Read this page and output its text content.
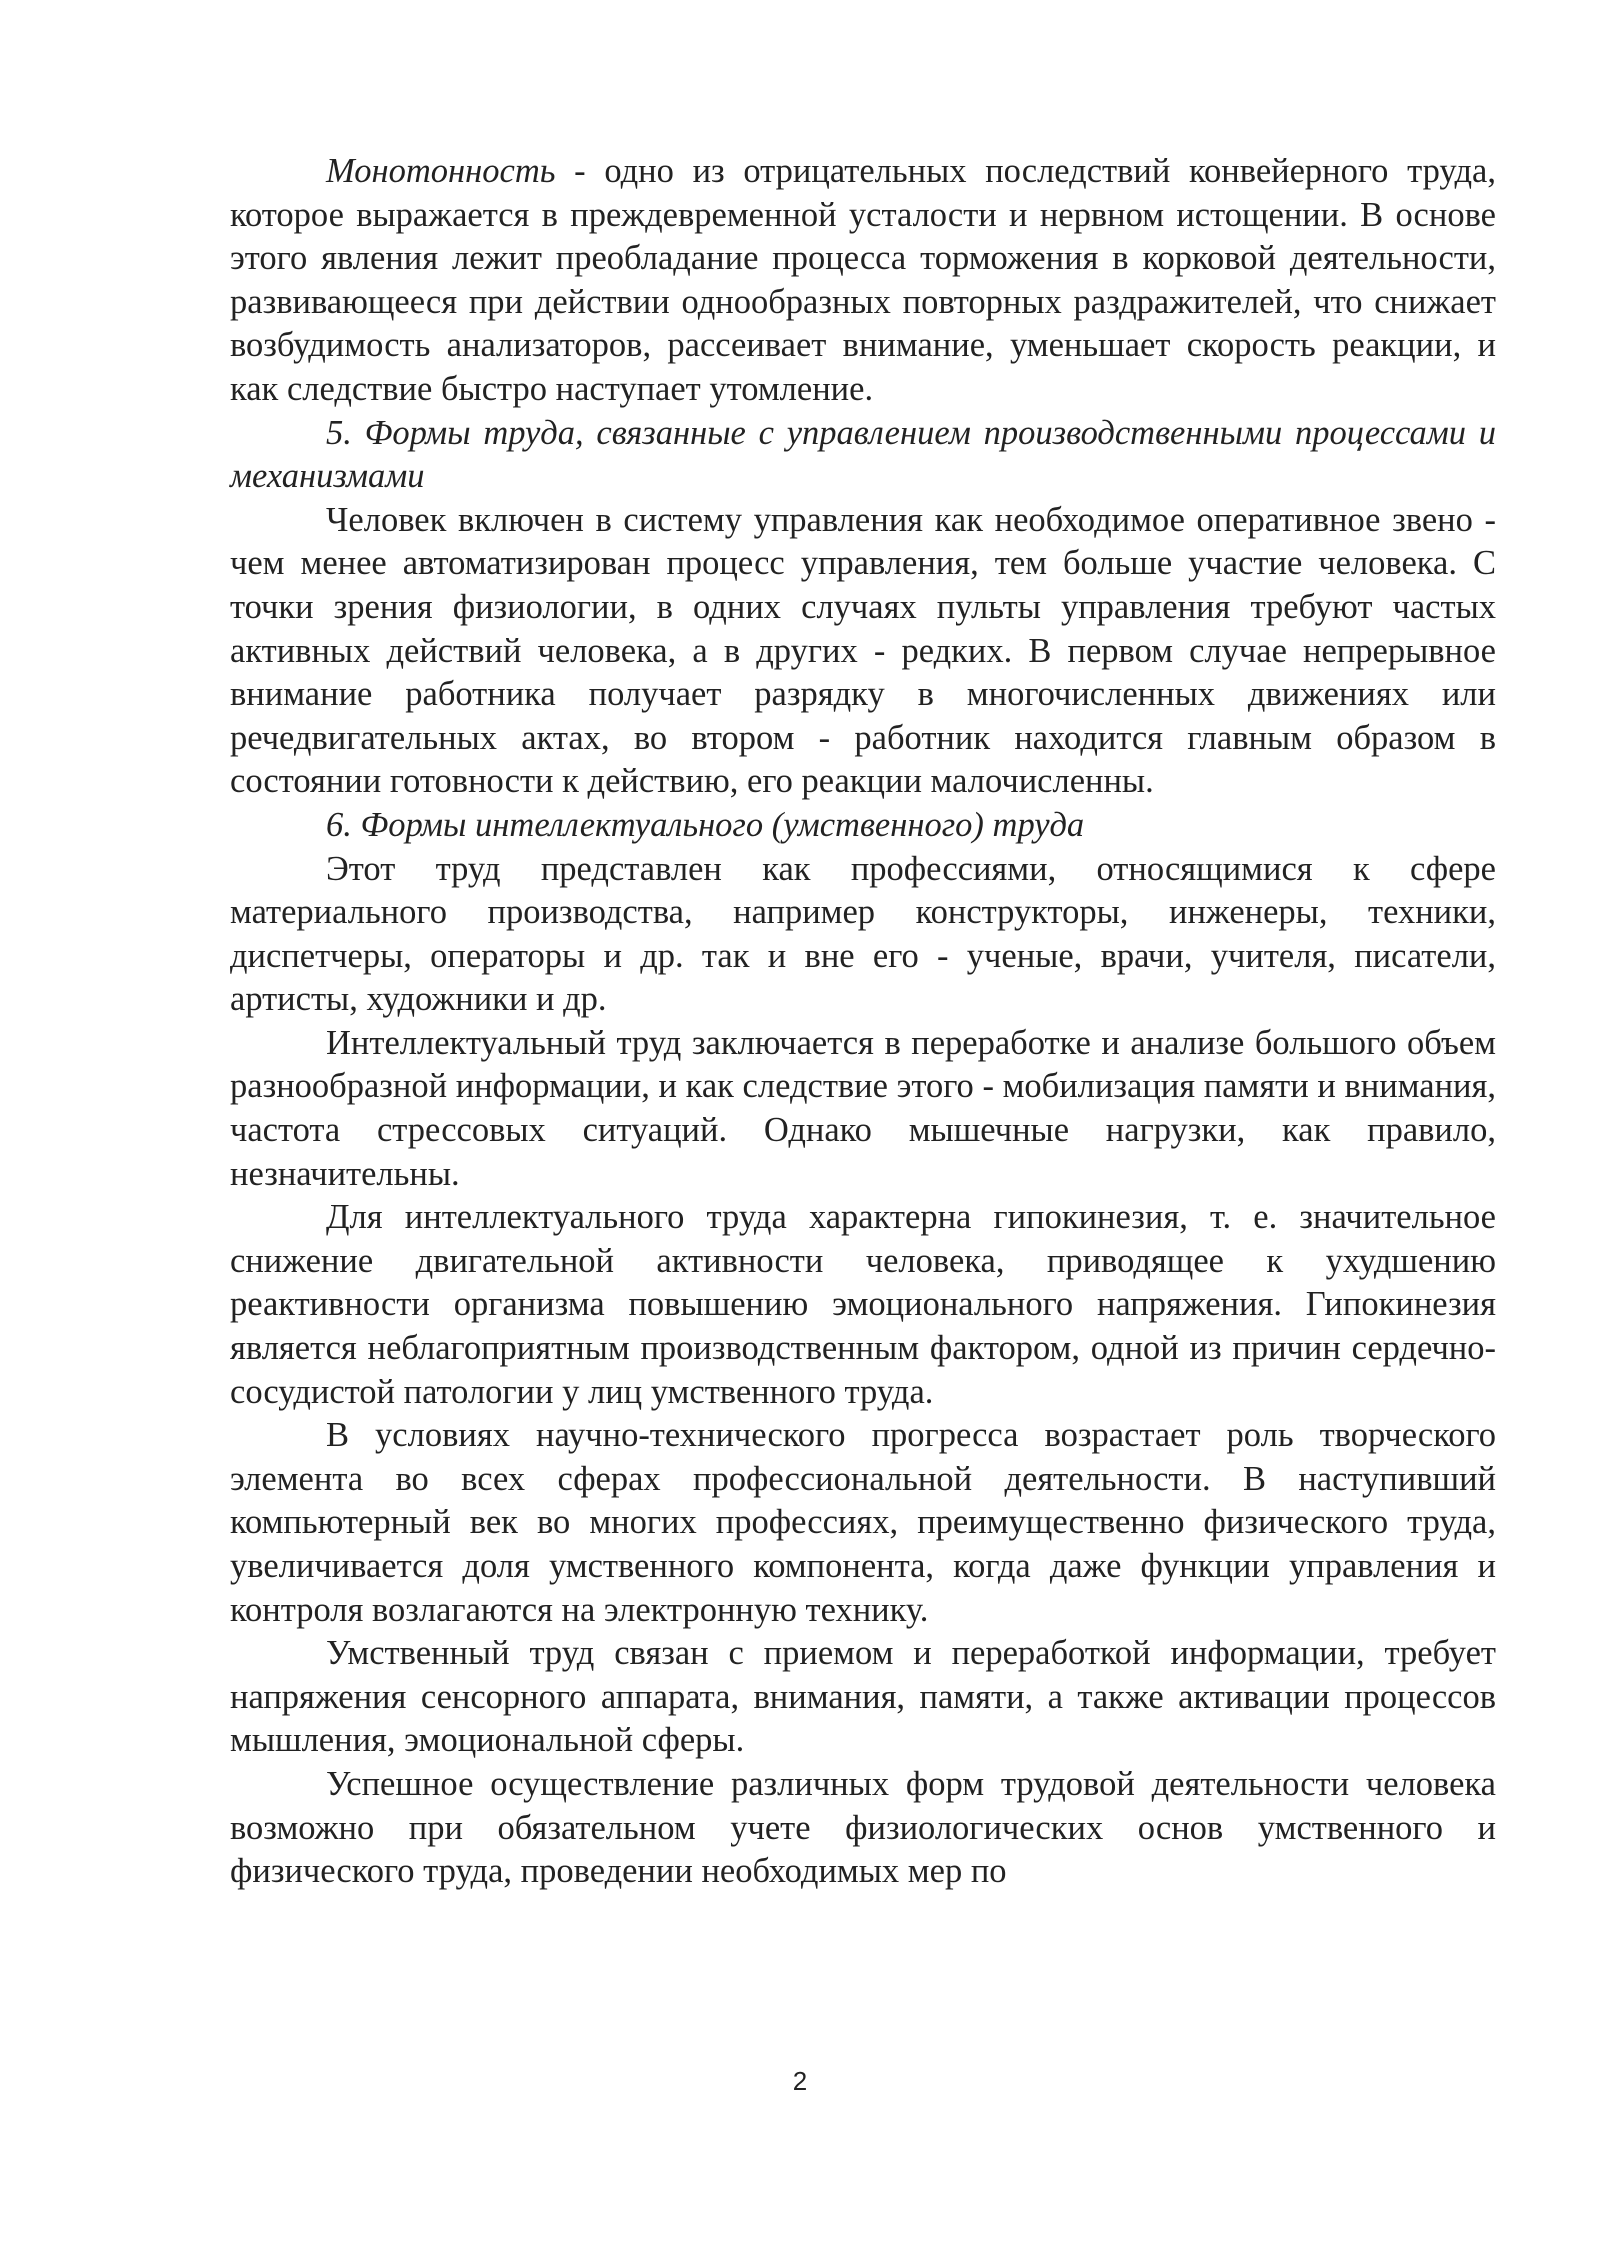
Монотонность - одно из отрицательных последствий конвейерного труда, которое выражается в преждевременной усталости и нервном истощении. В основе этого явления лежит преобладание процесса торможения в корковой деятельности, развивающееся при действии однообразных повторных раздражителей, что снижает возбудимость анализаторов, рассеивает внимание, уменьшает скорость реакции, и как следствие быстро наступает утомление.

5. Формы труда, связанные с управлением производственными процессами и механизмами

Человек включен в систему управления как необходимое оперативное звено - чем менее автоматизирован процесс управления, тем больше участие человека. С точки зрения физиологии, в одних случаях пульты управления требуют частых активных действий человека, а в других - редких. В первом случае непрерывное внимание работника получает разрядку в многочисленных движениях или речедвигательных актах, во втором - работник находится главным образом в состоянии готовности к действию, его реакции малочисленны.

6. Формы интеллектуального (умственного) труда

Этот труд представлен как профессиями, относящимися к сфере материального производства, например конструкторы, инженеры, техники, диспетчеры, операторы и др. так и вне его - ученые, врачи, учителя, писатели, артисты, художники и др.

Интеллектуальный труд заключается в переработке и анализе большого объем разнообразной информации, и как следствие этого - мобилизация памяти и внимания, частота стрессовых ситуаций. Однако мышечные нагрузки, как правило, незначительны.

Для интеллектуального труда характерна гипокинезия, т. е. значительное снижение двигательной активности человека, приводящее к ухудшению реактивности организма повышению эмоционального напряжения. Гипокинезия является неблагоприятным производственным фактором, одной из причин сердечно-сосудистой патологии у лиц умственного труда.

В условиях научно-технического прогресса возрастает роль творческого элемента во всех сферах профессиональной деятельности. В наступивший компьютерный век во многих профессиях, преимущественно физического труда, увеличивается доля умственного компонента, когда даже функции управления и контроля возлагаются на электронную технику.

Умственный труд связан с приемом и переработкой информации, требует напряжения сенсорного аппарата, внимания, памяти, а также активации процессов мышления, эмоциональной сферы.

Успешное осуществление различных форм трудовой деятельности человека возможно при обязательном учете физиологических основ умственного и физического труда, проведении необходимых мер по

2
